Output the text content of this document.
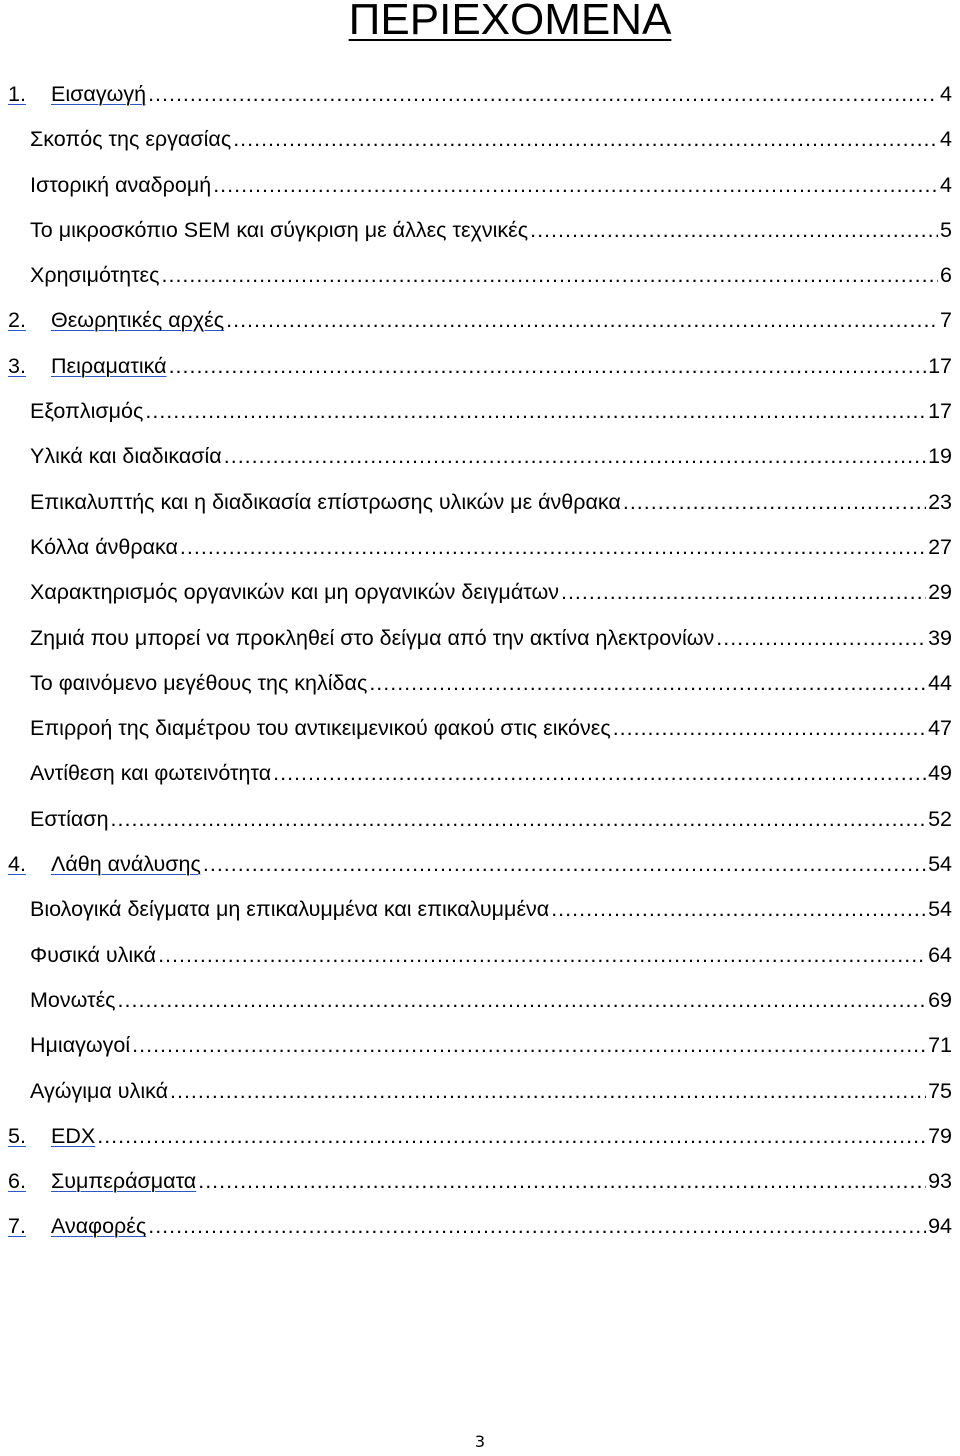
ΠΕΡΙΕΧΟΜΕΝΑ
1.	Εισαγωγή .....	4
Σκοπός της εργασίας .....	4
Ιστορική αναδρομή .....	4
Το μικροσκόπιο SEM και σύγκριση με άλλες τεχνικές .....	5
Χρησιμότητες .....	6
2.	Θεωρητικές αρχές .....	7
3.	Πειραματικά .....	17
Εξοπλισμός .....	17
Υλικά και διαδικασία .....	19
Επικαλυπτής και η διαδικασία επίστρωσης υλικών με άνθρακα .....	23
Κόλλα άνθρακα .....	27
Χαρακτηρισμός οργανικών και μη οργανικών δειγμάτων .....	29
Ζημιά που μπορεί να προκληθεί στο δείγμα από την ακτίνα ηλεκτρονίων .....	39
Το φαινόμενο μεγέθους της κηλίδας .....	44
Επιρροή της διαμέτρου του αντικειμενικού φακού στις εικόνες .....	47
Αντίθεση και φωτεινότητα .....	49
Εστίαση .....	52
4.	Λάθη ανάλυσης .....	54
Βιολογικά δείγματα μη επικαλυμμένα και επικαλυμμένα .....	54
Φυσικά υλικά .....	64
Μονωτές .....	69
Ημιαγωγοί .....	71
Αγώγιμα υλικά .....	75
5.	EDX .....	79
6.	Συμπεράσματα .....	93
7.	Αναφορές .....	94
3
